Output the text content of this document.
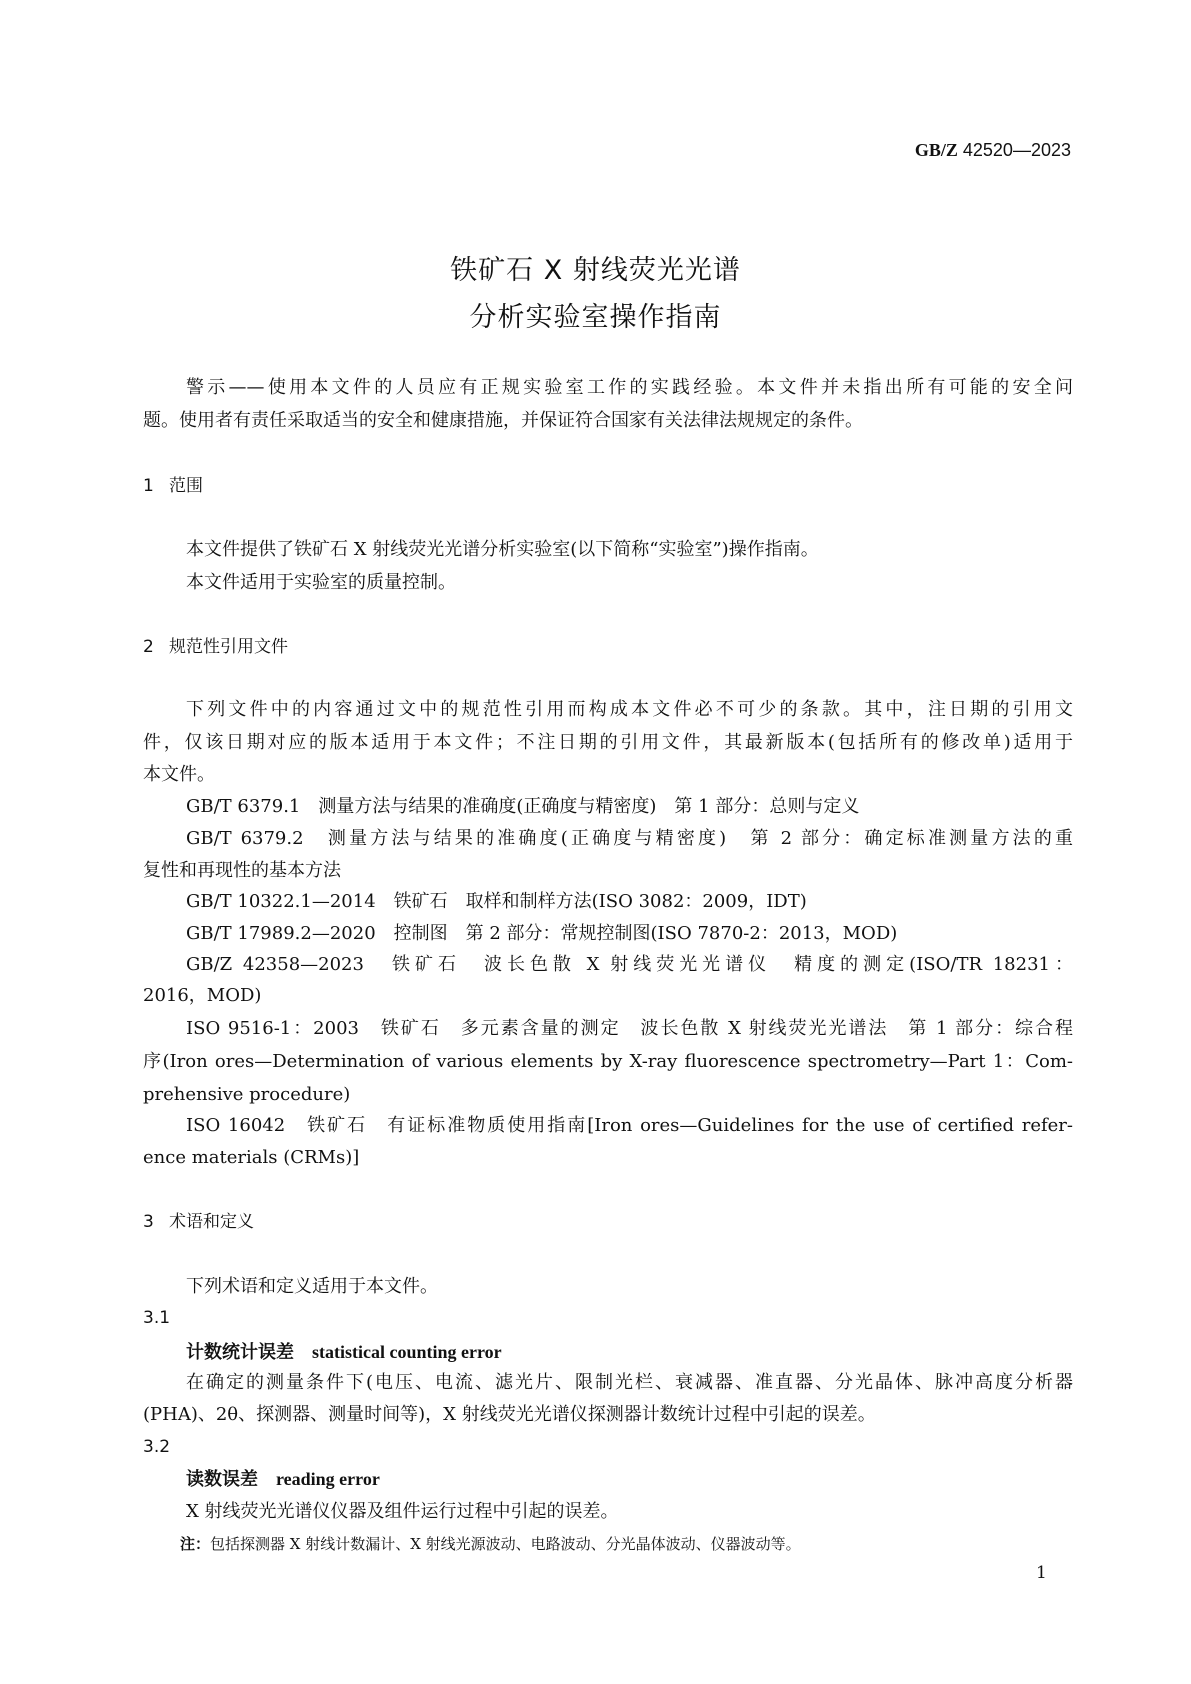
GB/Z 42520—2023
铁矿石 X 射线荧光光谱
分析实验室操作指南
警示——使用本文件的人员应有正规实验室工作的实践经验。本文件并未指出所有可能的安全问
题。使用者有责任采取适当的安全和健康措施，并保证符合国家有关法律法规规定的条件。
1 范围
本文件提供了铁矿石 X 射线荧光光谱分析实验室(以下简称“实验室”)操作指南。
本文件适用于实验室的质量控制。
2 规范性引用文件
下列文件中的内容通过文中的规范性引用而构成本文件必不可少的条款。其中，注日期的引用文
件，仅该日期对应的版本适用于本文件；不注日期的引用文件，其最新版本(包括所有的修改单)适用于
本文件。
GB/T 6379.1　测量方法与结果的准确度(正确度与精密度)　第 1 部分：总则与定义
GB/T 6379.2　测量方法与结果的准确度(正确度与精密度)　第 2 部分：确定标准测量方法的重
复性和再现性的基本方法
GB/T 10322.1—2014　铁矿石　取样和制样方法(ISO 3082：2009，IDT)
GB/T 17989.2—2020　控制图　第 2 部分：常规控制图(ISO 7870-2：2013，MOD)
GB/Z 42358—2023　铁矿石　波长色散 X 射线荧光光谱仪　精度的测定(ISO/TR 18231：
2016，MOD)
ISO 9516-1：2003　铁矿石　多元素含量的测定　波长色散 X 射线荧光光谱法　第 1 部分：综合程
序(Iron ores—Determination of various elements by X-ray fluorescence spectrometry—Part 1：Com-
prehensive procedure)
ISO 16042　铁矿石　有证标准物质使用指南[Iron ores—Guidelines for the use of certified refer-
ence materials (CRMs)]
3 术语和定义
下列术语和定义适用于本文件。
3.1
计数统计误差 statistical counting error
在确定的测量条件下(电压、电流、滤光片、限制光栏、衰减器、准直器、分光晶体、脉冲高度分析器
(PHA)、2θ、探测器、测量时间等)，X 射线荧光光谱仪探测器计数统计过程中引起的误差。
3.2
读数误差 reading error
X 射线荧光光谱仪仪器及组件运行过程中引起的误差。
注：包括探测器 X 射线计数漏计、X 射线光源波动、电路波动、分光晶体波动、仪器波动等。
1
